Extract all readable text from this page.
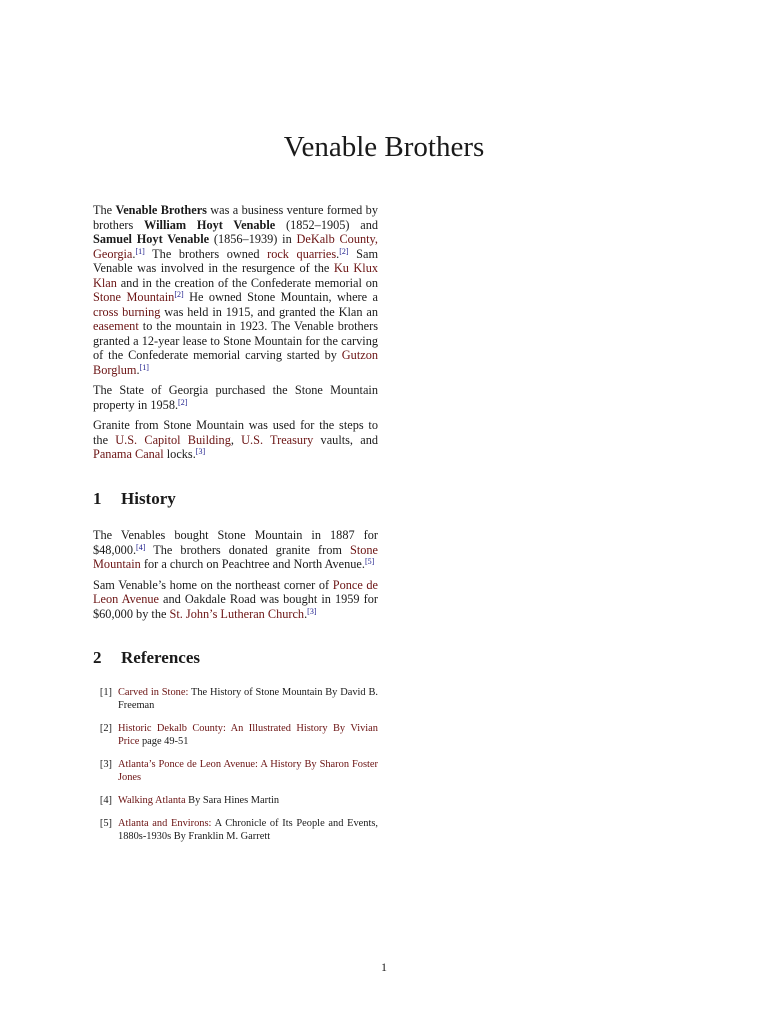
Venable Brothers

The Venable Brothers was a business venture formed by brothers William Hoyt Venable (1852–1905) and Samuel Hoyt Venable (1856–1939) in DeKalb County, Georgia.[1] The brothers owned rock quarries.[2] Sam Venable was involved in the resurgence of the Ku Klux Klan and in the creation of the Confederate memorial on Stone Mountain[2] He owned Stone Mountain, where a cross burning was held in 1915, and granted the Klan an easement to the mountain in 1923. The Venable brothers granted a 12-year lease to Stone Mountain for the carving of the Confederate memorial carving started by Gutzon Borglum.[1]

The State of Georgia purchased the Stone Mountain property in 1958.[2]

Granite from Stone Mountain was used for the steps to the U.S. Capitol Building, U.S. Treasury vaults, and Panama Canal locks.[3]

1 History

The Venables bought Stone Mountain in 1887 for $48,000.[4] The brothers donated granite from Stone Mountain for a church on Peachtree and North Avenue.[5]

Sam Venable’s home on the northeast corner of Ponce de Leon Avenue and Oakdale Road was bought in 1959 for $60,000 by the St. John’s Lutheran Church.[3]

2 References
[1] Carved in Stone: The History of Stone Mountain By David B. Freeman
[2] Historic Dekalb County: An Illustrated History By Vivian Price page 49-51
[3] Atlanta’s Ponce de Leon Avenue: A History By Sharon Foster Jones
[4] Walking Atlanta By Sara Hines Martin
[5] Atlanta and Environs: A Chronicle of Its People and Events, 1880s-1930s By Franklin M. Garrett
1
